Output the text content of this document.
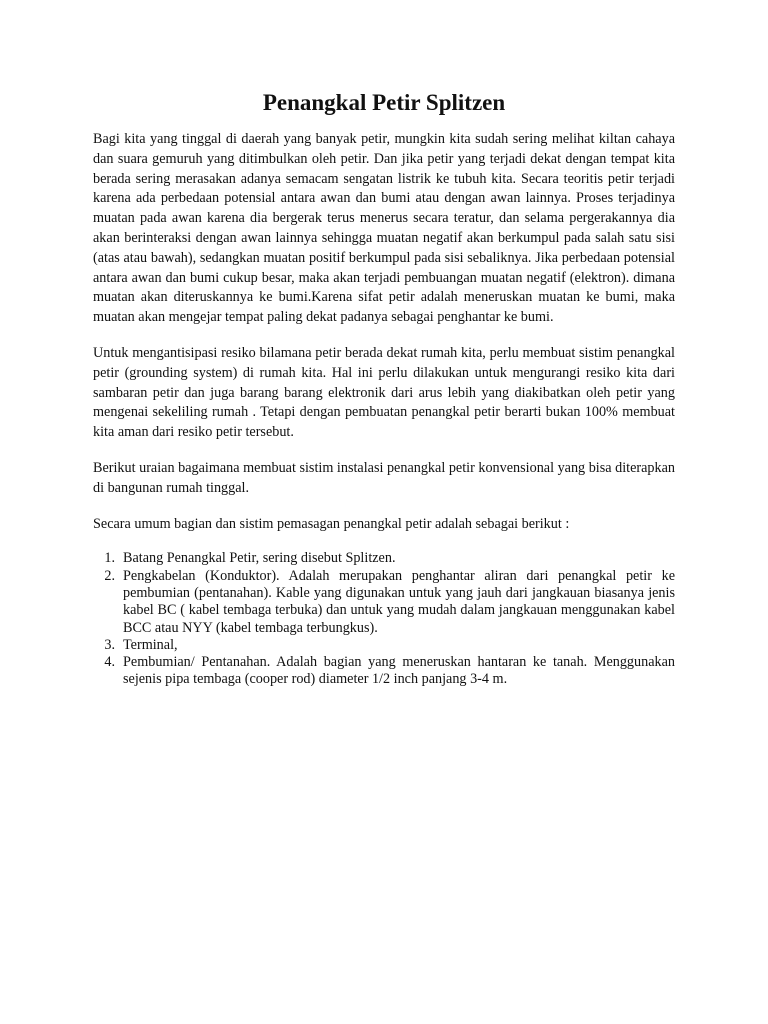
Penangkal Petir Splitzen

Bagi kita yang tinggal di daerah yang banyak petir, mungkin kita sudah sering melihat kiltan cahaya dan suara gemuruh yang ditimbulkan oleh petir. Dan jika petir yang terjadi dekat dengan tempat kita berada sering merasakan adanya semacam sengatan listrik ke tubuh kita. Secara teoritis petir terjadi karena ada perbedaan potensial antara awan dan bumi atau dengan awan lainnya. Proses terjadinya muatan pada awan karena dia bergerak terus menerus secara teratur, dan selama pergerakannya dia akan berinteraksi dengan awan lainnya sehingga muatan negatif akan berkumpul pada salah satu sisi (atas atau bawah), sedangkan muatan positif berkumpul pada sisi sebaliknya. Jika perbedaan potensial antara awan dan bumi cukup besar, maka akan terjadi pembuangan muatan negatif (elektron). dimana muatan akan diteruskannya ke bumi.Karena sifat petir adalah meneruskan muatan ke bumi, maka muatan akan mengejar tempat paling dekat padanya sebagai penghantar ke bumi.

Untuk mengantisipasi resiko bilamana petir berada dekat rumah kita, perlu membuat sistim penangkal petir (grounding system) di rumah kita. Hal ini perlu dilakukan untuk mengurangi resiko kita dari sambaran petir dan juga barang barang elektronik dari arus lebih yang diakibatkan oleh petir yang mengenai sekeliling rumah . Tetapi dengan pembuatan penangkal petir berarti bukan 100% membuat kita aman dari resiko petir tersebut.

Berikut uraian bagaimana membuat sistim instalasi penangkal petir konvensional yang bisa diterapkan di bangunan rumah tinggal.

Secara umum bagian dan sistim pemasagan penangkal petir adalah sebagai berikut :

1. Batang Penangkal Petir, sering disebut Splitzen.
2. Pengkabelan (Konduktor). Adalah merupakan penghantar aliran dari penangkal petir ke pembumian (pentanahan). Kable yang digunakan untuk yang jauh dari jangkauan biasanya jenis kabel BC ( kabel tembaga terbuka) dan untuk yang mudah dalam jangkauan menggunakan kabel BCC atau NYY (kabel tembaga terbungkus).
3. Terminal,
4. Pembumian/ Pentanahan. Adalah bagian yang meneruskan hantaran ke tanah. Menggunakan sejenis pipa tembaga (cooper rod) diameter 1/2 inch panjang 3-4 m.
